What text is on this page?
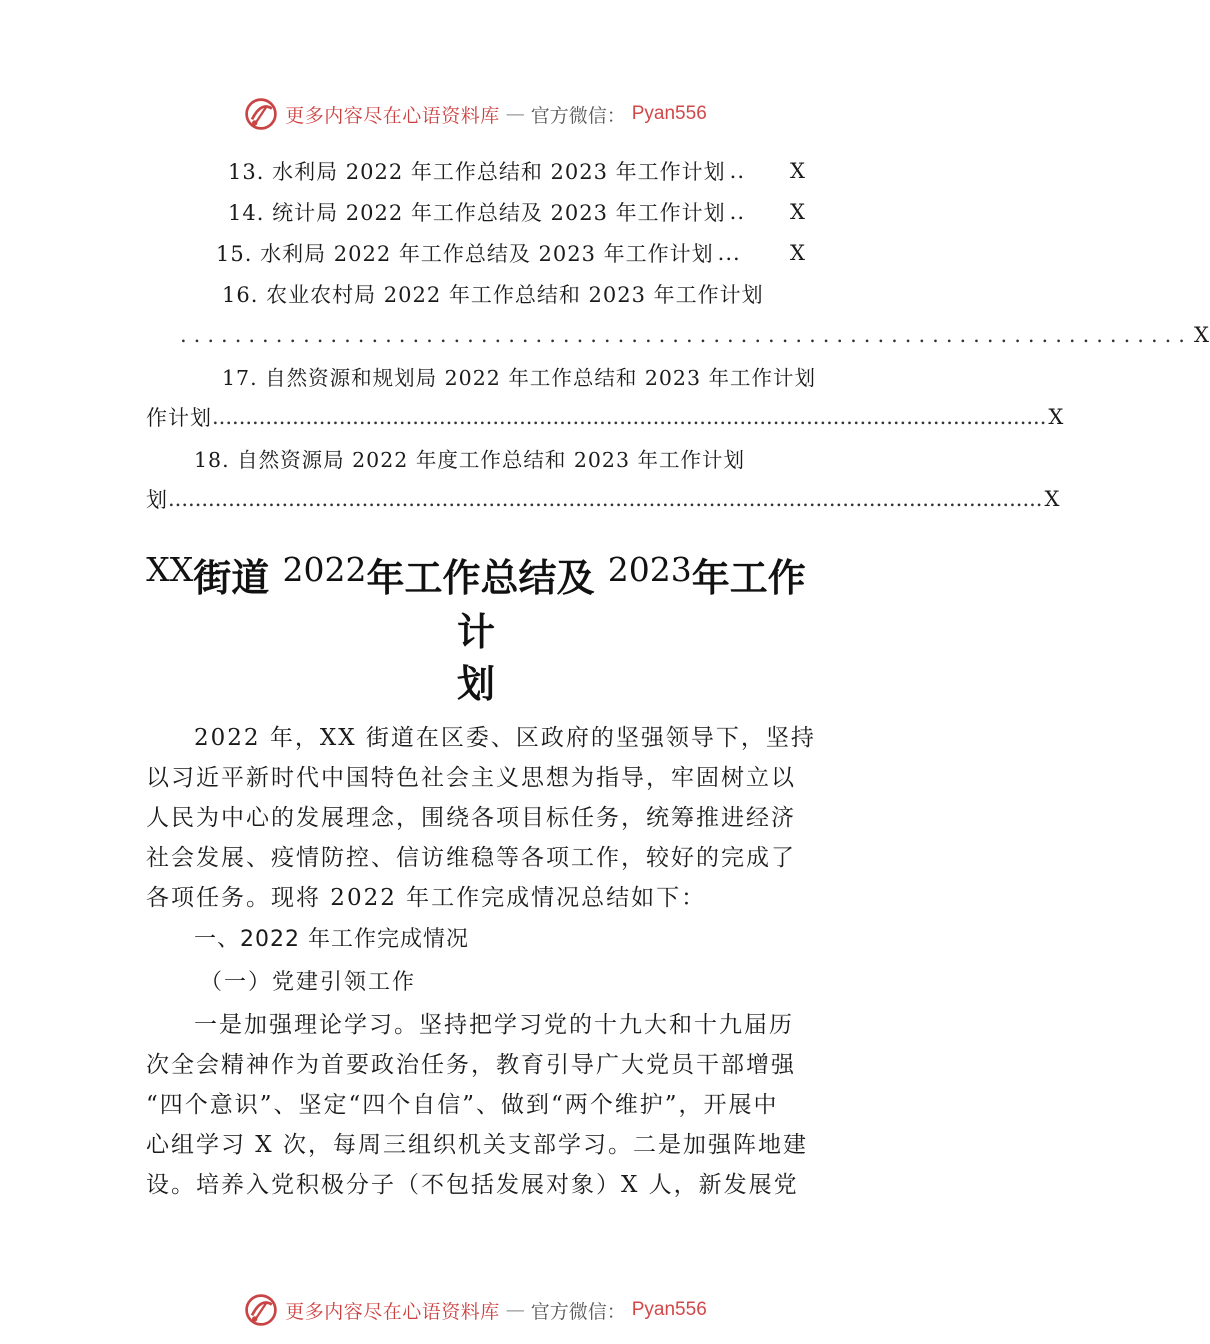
更多内容尽在心语资料库 — 官方微信： Pyan556
13. 水利局 2022 年工作总结和 2023 年工作计划 ..	X
14. 统计局 2022 年工作总结及 2023 年工作计划 ..	X
15. 水利局 2022 年工作总结及 2023 年工作计划 ...	X
16. 农业农村局 2022 年工作总结和 2023 年工作计划
.......................................................................... X
17. 自然资源和规划局 2022 年工作总结和 2023 年工作计划
作计划 ............................................................................................................................. X
18. 自然资源局 2022 年度工作总结和 2023 年工作计划
划 ................................................................................................................................... X
XX街道 2022年工作总结及 2023年工作计
划
2022 年，XX 街道在区委、区政府的坚强领导下，坚持
以习近平新时代中国特色社会主义思想为指导，牢固树立以
人民为中心的发展理念，围绕各项目标任务，统筹推进经济
社会发展、疫情防控、信访维稳等各项工作，较好的完成了
各项任务。现将 2022 年工作完成情况总结如下：
一、2022 年工作完成情况
（一）党建引领工作
一是加强理论学习。坚持把学习党的十九大和十九届历
次全会精神作为首要政治任务，教育引导广大党员干部增强
“四个意识”、坚定“四个自信”、做到“两个维护”，开展中
心组学习 X 次，每周三组织机关支部学习。二是加强阵地建
设。培养入党积极分子（不包括发展对象）X 人，新发展党
更多内容尽在心语资料库 — 官方微信： Pyan556
